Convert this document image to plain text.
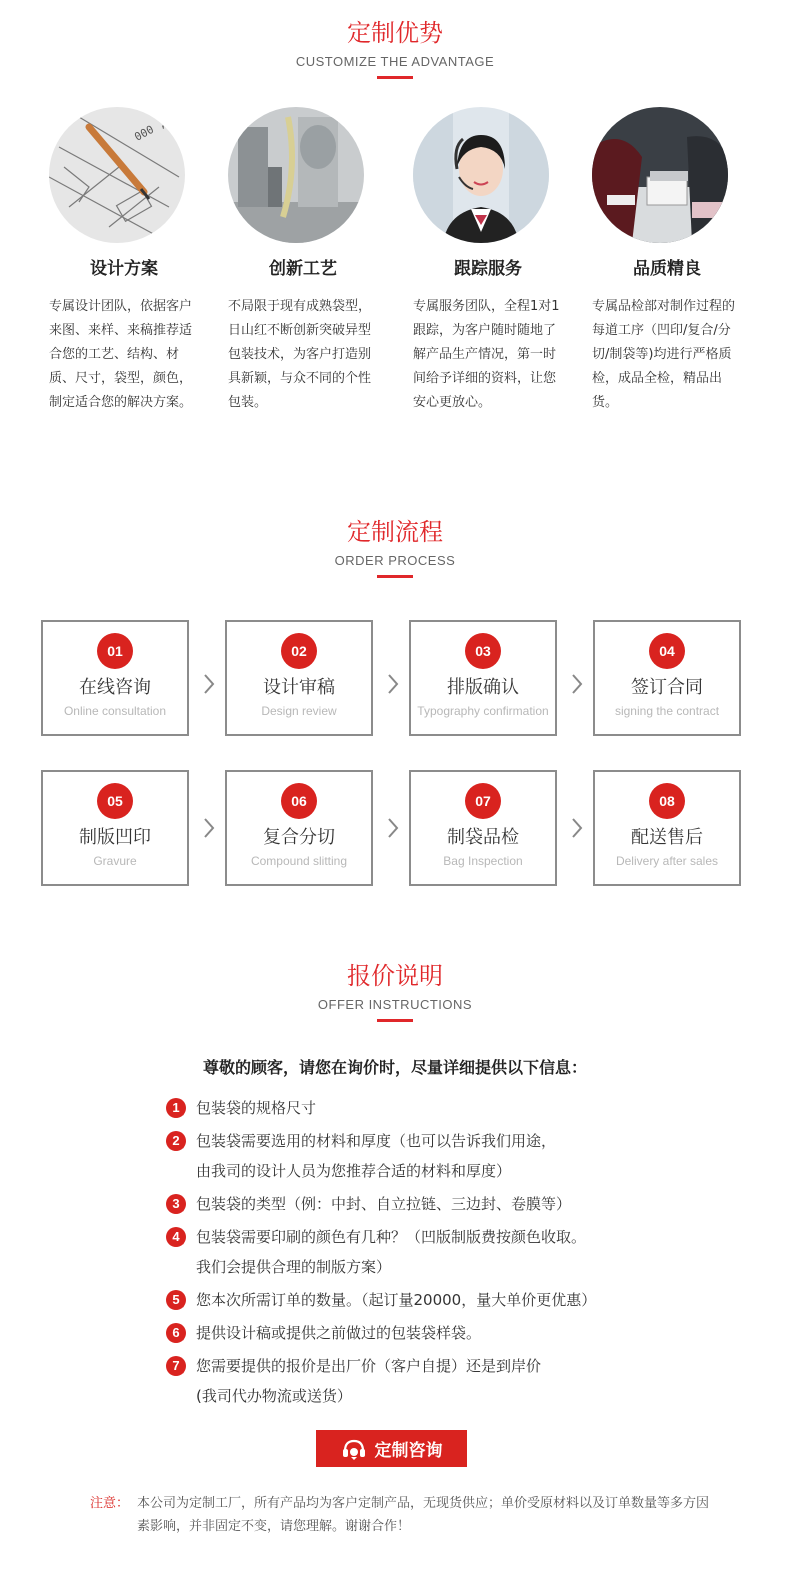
定制优势
CUSTOMIZE THE ADVANTAGE
000 ,
设计方案

专属设计团队，依据客户来图、来样、来稿推荐适合您的工艺、结构、材质、尺寸，袋型，颜色，制定适合您的解决方案。

创新工艺

不局限于现有成熟袋型，日山红不断创新突破异型包装技术，为客户打造别具新颖，与众不同的个性包装。

跟踪服务

专属服务团队，全程1对1跟踪，为客户随时随地了解产品生产情况，第一时间给予详细的资料，让您安心更放心。

品质精良

专属品检部对制作过程的每道工序（凹印/复合/分切/制袋等)均进行严格质检，成品全检，精品出货。

定制流程
ORDER PROCESS
01
在线咨询
Online consultation
02
设计审稿
Design review
03
排版确认
Typography confirmation
04
签订合同
signing the contract
05
制版凹印
Gravure
06
复合分切
Compound slitting
07
制袋品检
Bag Inspection
08
配送售后
Delivery after sales
报价说明
OFFER INSTRUCTIONS
尊敬的顾客，请您在询价时，尽量详细提供以下信息：
1 、	包装袋的规格尺寸
2 、	包装袋需要选用的材料和厚度（也可以告诉我们用途，
由我司的设计人员为您推荐合适的材料和厚度）
3 、	包装袋的类型（例：中封、自立拉链、三边封、卷膜等）
4 、	包装袋需要印刷的颜色有几种？（凹版制版费按颜色收取。
我们会提供合理的制版方案）
5 、	您本次所需订单的数量。（起订量20000，量大单价更优惠）
6 、	提供设计稿或提供之前做过的包装袋样袋。
7 、	您需要提供的报价是出厂价（客户自提）还是到岸价
(我司代办物流或送货）
定制咨询
注意： 本公司为定制工厂，所有产品均为客户定制产品，无现货供应；单价受原材料以及订单数量等多方因素影响，并非固定不变，请您理解。谢谢合作！
